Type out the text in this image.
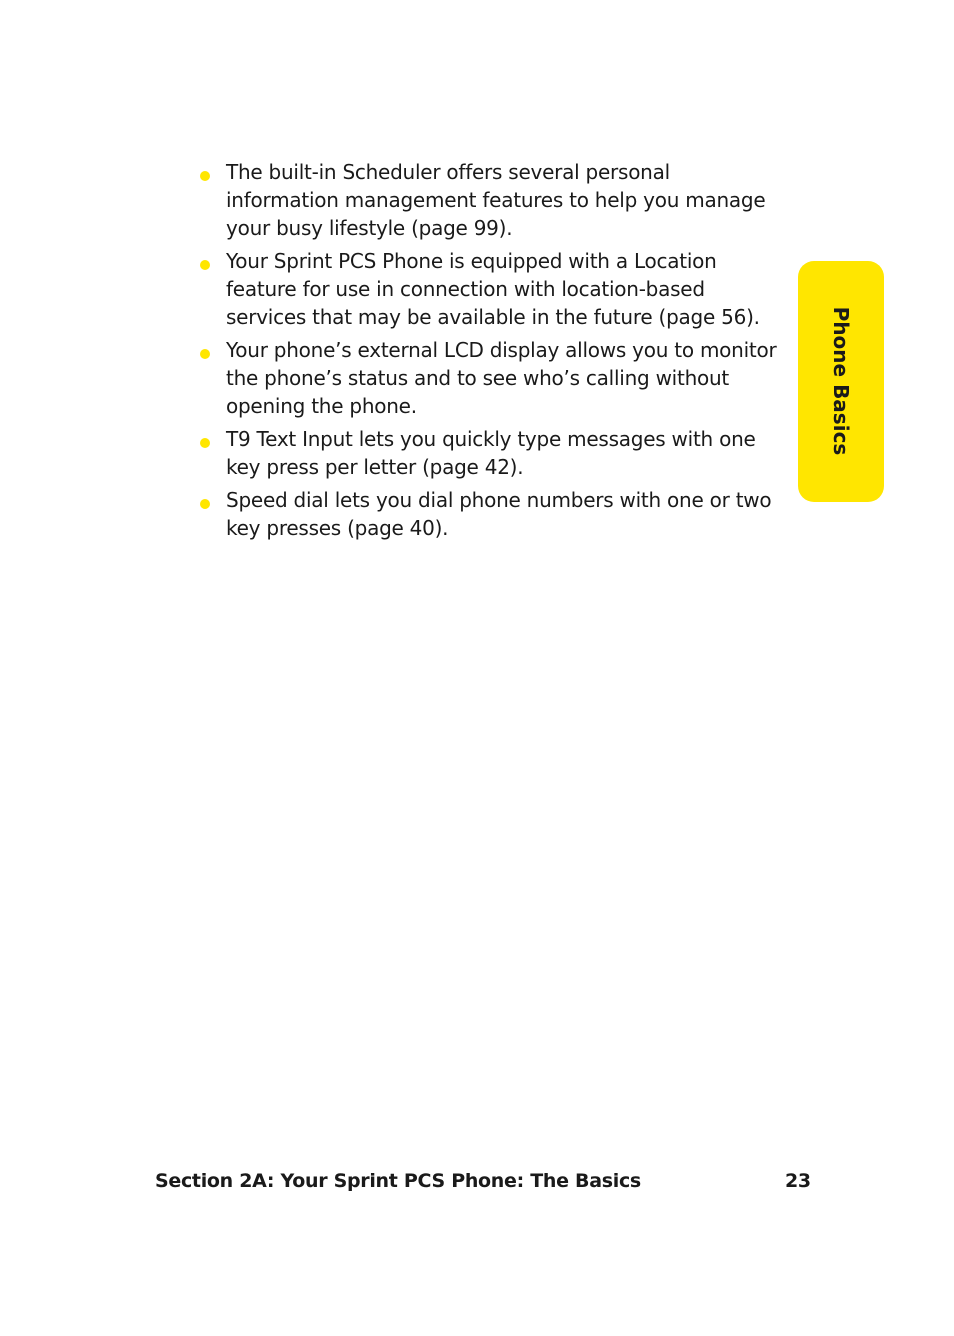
The built-in Scheduler offers several personal information management features to help you manage your busy lifestyle (page 99).
Your Sprint PCS Phone is equipped with a Location feature for use in connection with location-based services that may be available in the future (page 56).
Your phone’s external LCD display allows you to monitor the phone’s status and to see who’s calling without opening the phone.
T9 Text Input lets you quickly type messages with one key press per letter (page 42).
Speed dial lets you dial phone numbers with one or two key presses (page 40).
Phone Basics
Section 2A: Your Sprint PCS Phone: The Basics	23
